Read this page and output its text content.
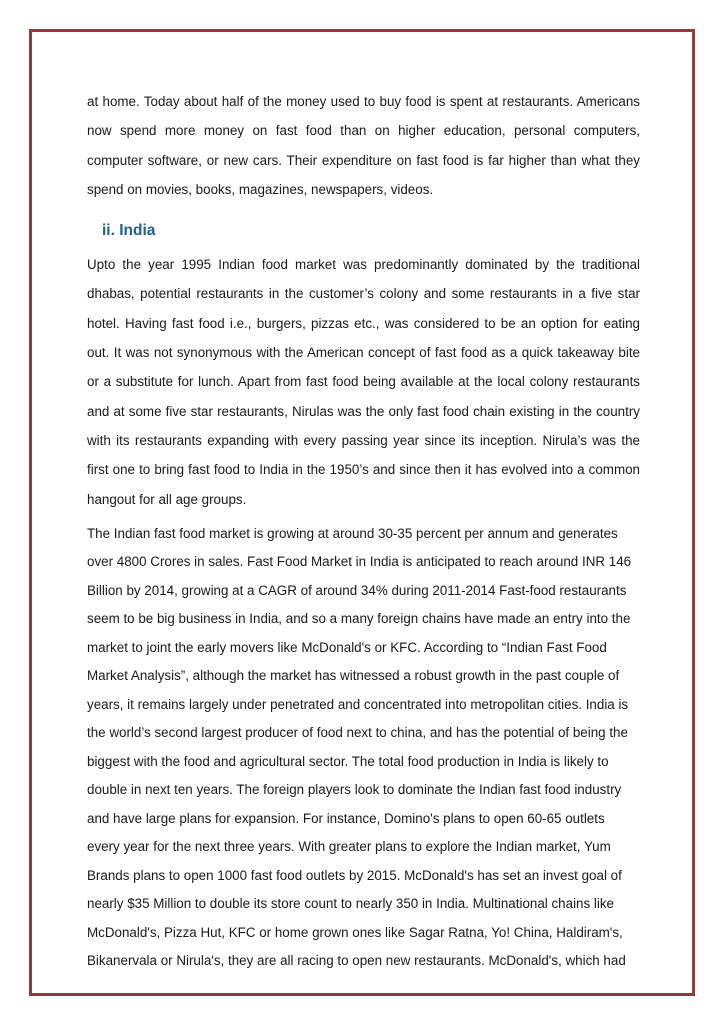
at home. Today about half of the money used to buy food is spent at restaurants. Americans now spend more money on fast food than on higher education, personal computers, computer software, or new cars. Their expenditure on fast food is far higher than what they spend on movies, books, magazines, newspapers, videos.

ii. India

Upto the year 1995 Indian food market was predominantly dominated by the traditional dhabas, potential restaurants in the customer’s colony and some restaurants in a five star hotel. Having fast food i.e., burgers, pizzas etc., was considered to be an option for eating out. It was not synonymous with the American concept of fast food as a quick takeaway bite or a substitute for lunch. Apart from fast food being available at the local colony restaurants and at some five star restaurants, Nirulas was the only fast food chain existing in the country with its restaurants expanding with every passing year since its inception. Nirula’s was the first one to bring fast food to India in the 1950’s and since then it has evolved into a common hangout for all age groups.

The Indian fast food market is growing at around 30-35 percent per annum and generates over 4800 Crores in sales. Fast Food Market in India is anticipated to reach around INR 146 Billion by 2014, growing at a CAGR of around 34% during 2011-2014 Fast-food restaurants seem to be big business in India, and so a many foreign chains have made an entry into the market to joint the early movers like McDonald's or KFC. According to “Indian Fast Food Market Analysis”, although the market has witnessed a robust growth in the past couple of years, it remains largely under penetrated and concentrated into metropolitan cities. India is the world’s second largest producer of food next to china, and has the potential of being the biggest with the food and agricultural sector. The total food production in India is likely to double in next ten years. The foreign players look to dominate the Indian fast food industry and have large plans for expansion. For instance, Domino's plans to open 60-65 outlets every year for the next three years. With greater plans to explore the Indian market, Yum Brands plans to open 1000 fast food outlets by 2015. McDonald's has set an invest goal of nearly $35 Million to double its store count to nearly 350 in India. Multinational chains like McDonald's, Pizza Hut, KFC or home grown ones like Sagar Ratna, Yo! China, Haldiram's, Bikanervala or Nirula's, they are all racing to open new restaurants. McDonald's, which had
